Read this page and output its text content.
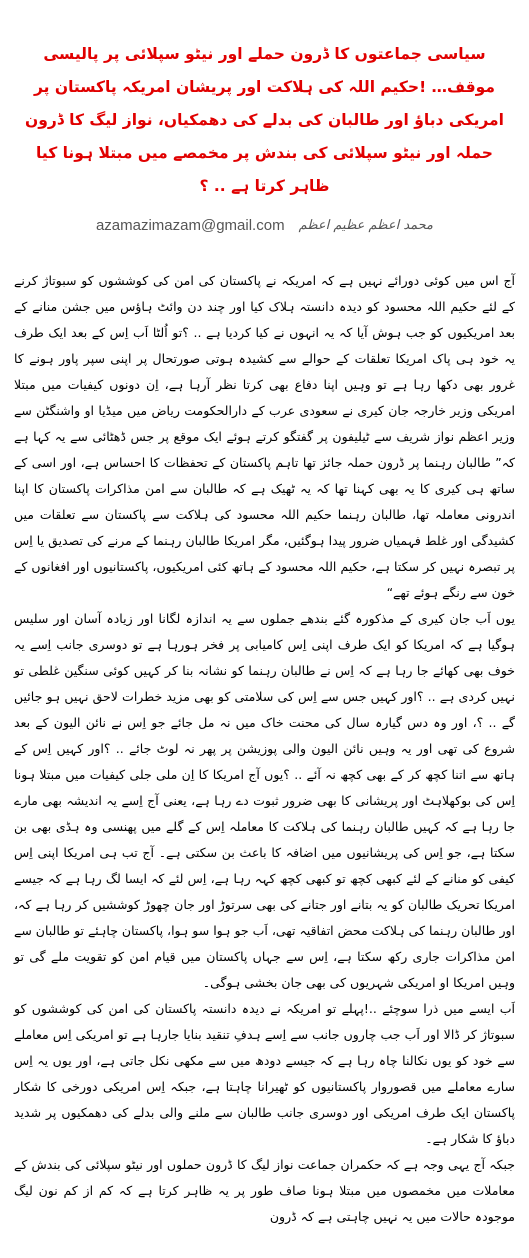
سیاسی جماعتوں کا ڈرون حملے اور نیٹو سپلائی پر پالیسی موقف… !حکیم اللہ کی ہلاکت اور پریشان امریکہ پاکستان پر امریکی دباؤ اور طالبان کی بدلے کی دھمکیاں، نواز لیگ کا ڈرون حملہ اور نیٹو سپلائی کی بندش پر مخمصے میں مبتلا ہونا کیا ظاہر کرتا ہے .. ؟
azamazimazam@gmail.com محمد اعظم عظیم اعظم

آج اس میں کوئی دورائے نہیں ہے کہ امریکہ نے پاکستان کی امن کی کوششوں کو سبوتاژ کرنے کے لئے حکیم اللہ محسود کو دیدہ دانستہ ہلاک کیا اور چند دن وائٹ ہاؤس میں جشن منانے کے بعد امریکیوں کو جب ہوش آیا کہ یہ انہوں نے کیا کردیا ہے .. ؟تو اُلٹا اَب اِس کے بعد ایک طرف یہ خود ہی پاک امریکا تعلقات کے حوالے سے کشیدہ ہوتی صورتحال پر اپنی سپر پاور ہونے کا غرور بھی دکھا رہا ہے تو وہیں اپنا دفاع بھی کرتا نظر آرہا ہے، اِن دونوں کیفیات میں مبتلا امریکی وزیر خارجہ جان کیری نے سعودی عرب کے دارالحکومت ریاض میں میڈیا او واشنگٹن سے وزیر اعظم نواز شریف سے ٹیلیفون پر گفتگو کرتے ہوئے ایک موقع پر جس ڈھٹائی سے یہ کہا ہے کہ” طالبان رہنما پر ڈرون حملہ جائز تھا تاہم پاکستان کے تحفظات کا احساس ہے، اور اسی کے ساتھ ہی کیری کا یہ بھی کہنا تھا کہ یہ ٹھیک ہے کہ طالبان سے امن مذاکرات پاکستان کا اپنا اندرونی معاملہ تھا، طالبان رہنما حکیم اللہ محسود کی ہلاکت سے پاکستان سے تعلقات میں کشیدگی اور غلط فہمیاں ضرور پیدا ہوگئیں، مگر امریکا طالبان رہنما کے مرنے کی تصدیق یا اِس پر تبصرہ نہیں کر سکتا ہے، حکیم اللہ محسود کے ہاتھ کئی امریکیوں، پاکستانیوں اور افغانوں کے خون سے رنگے ہوئے تھے“

یوں اَب جان کیری کے مذکورہ گئے بندھے جملوں سے یہ اندازہ لگانا اور زیادہ آسان اور سلیس ہوگیا ہے کہ امریکا کو ایک طرف اپنی اِس کامیابی پر فخر ہورہا ہے تو دوسری جانب اِسے یہ خوف بھی کھائے جا رہا ہے کہ اِس نے طالبان رہنما کو نشانہ بنا کر کہیں کوئی سنگین غلطی تو نہیں کردی ہے .. ؟اور کہیں جس سے اِس کی سلامتی کو بھی مزید خطرات لاحق نہیں ہو جائیں گے .. ؟، اور وہ دس گیارہ سال کی محنت خاک میں نہ مل جائے جو اِس نے نائن الیون کے بعد شروع کی تھی اور یہ وہیں نائن الیون والی پوزیشن پر پھر نہ لوٹ جائے .. ؟اور کہیں اِس کے ہاتھ سے اتنا کچھ کر کے بھی کچھ نہ آئے .. ؟یوں آج امریکا کا اِن ملی جلی کیفیات میں مبتلا ہونا اِس کی بوکھلاہٹ اور پریشانی کا بھی ضرور ثبوت دے رہا ہے، یعنی آج اِسے یہ اندیشہ بھی مارے جا رہا ہے کہ کہیں طالبان رہنما کی ہلاکت کا معاملہ اِس کے گلے میں پھنسی وہ ہڈی بھی بن سکتا ہے، جو اِس کی پریشانیوں میں اضافہ کا باعث بن سکتی ہے۔ آج تب ہی امریکا اپنی اِس کیفی کو منانے کے لئے کبھی کچھ تو کبھی کچھ کہہ رہا ہے، اِس لئے کہ ایسا لگ رہا ہے کہ جیسے امریکا تحریک طالبان کو یہ بتانے اور جتانے کی بھی سرتوڑ اور جان چھوڑ کوششیں کر رہا ہے کہ، اور طالبان رہنما کی ہلاکت محض اتفاقیہ تھی، اَب جو ہوا سو ہوا، پاکستان چاہئے تو طالبان سے امن مذاکرات جاری رکھ سکتا ہے، اِس سے جہاں پاکستان میں قیام امن کو تقویت ملے گی تو وہیں امریکا او امریکی شہریوں کی بھی جان بخشی ہوگی۔

اَب ایسے میں ذرا سوچئے ..!پہلے تو امریکہ نے دیدہ دانستہ پاکستان کی امن کی کوششوں کو سبوتاژ کر ڈالا اور اَب جب چاروں جانب سے اِسے ہدفِ تنقید بنایا جارہا ہے تو امریکی اِس معاملے سے خود کو یوں نکالنا چاہ رہا ہے کہ جیسے دودھ میں سے مکھی نکل جاتی ہے، اور یوں یہ اِس سارے معاملے میں قصوروار پاکستانیوں کو ٹھیرانا چاہتا ہے، جبکہ اِس امریکی دورخی کا شکار پاکستان ایک طرف امریکی اور دوسری جانب طالبان سے ملنے والی بدلے کی دھمکیوں پر شدید دباؤ کا شکار ہے۔

جبکہ آج یہی وجہ ہے کہ حکمران جماعت نواز لیگ کا ڈرون حملوں اور نیٹو سپلائی کی بندش کے معاملات میں مخمصوں میں مبتلا ہونا صاف طور پر یہ ظاہر کرتا ہے کہ کم از کم نون لیگ موجودہ حالات میں یہ نہیں چاہتی ہے کہ ڈرون
